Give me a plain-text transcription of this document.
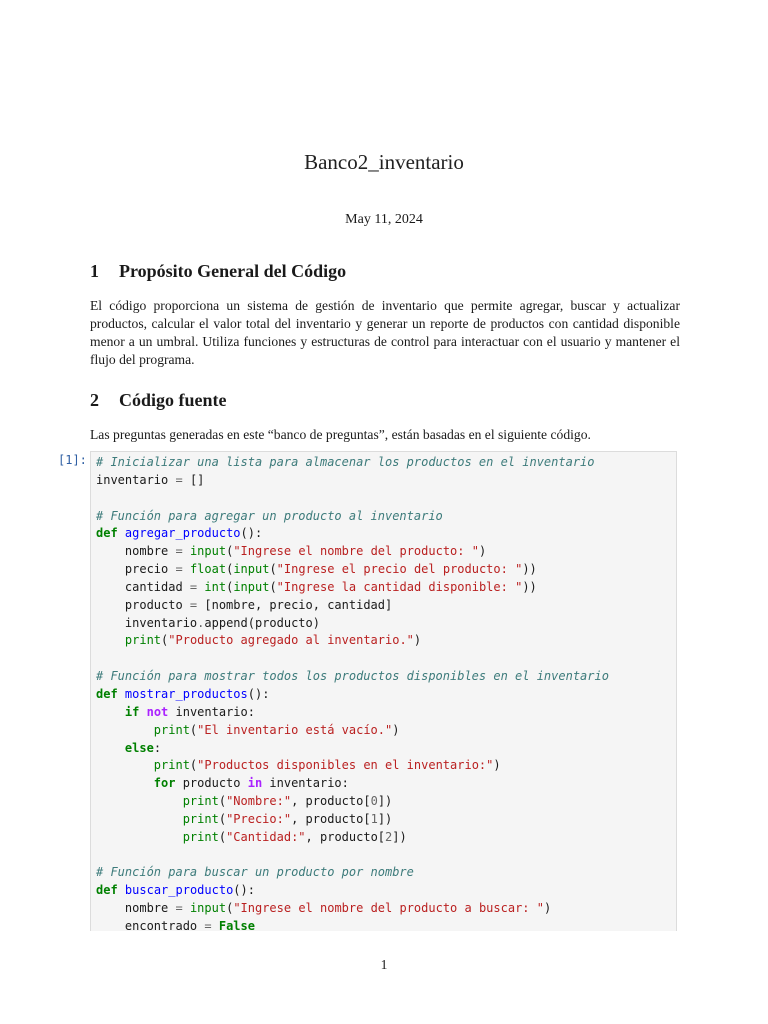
Banco2_inventario
May 11, 2024
1 Propósito General del Código
El código proporciona un sistema de gestión de inventario que permite agregar, buscar y actualizar productos, calcular el valor total del inventario y generar un reporte de productos con cantidad disponible menor a un umbral. Utiliza funciones y estructuras de control para interactuar con el usuario y mantener el flujo del programa.
2 Código fuente
Las preguntas generadas en este “banco de preguntas”, están basadas en el siguiente código.
[1]: # Inicializar una lista para almacenar los productos en el inventario
inventario = []

# Función para agregar un producto al inventario
def agregar_producto():
nombre = input("Ingrese el nombre del producto: ")
precio = float(input("Ingrese el precio del producto: "))
cantidad = int(input("Ingrese la cantidad disponible: "))
producto = [nombre, precio, cantidad]
inventario.append(producto)
print("Producto agregado al inventario.")

# Función para mostrar todos los productos disponibles en el inventario
def mostrar_productos():
if not inventario:
print("El inventario está vacío.")
else:
print("Productos disponibles en el inventario:")
for producto in inventario:
print("Nombre:", producto[0])
print("Precio:", producto[1])
print("Cantidad:", producto[2])

# Función para buscar un producto por nombre
def buscar_producto():
nombre = input("Ingrese el nombre del producto a buscar: ")
encontrado = False
1
